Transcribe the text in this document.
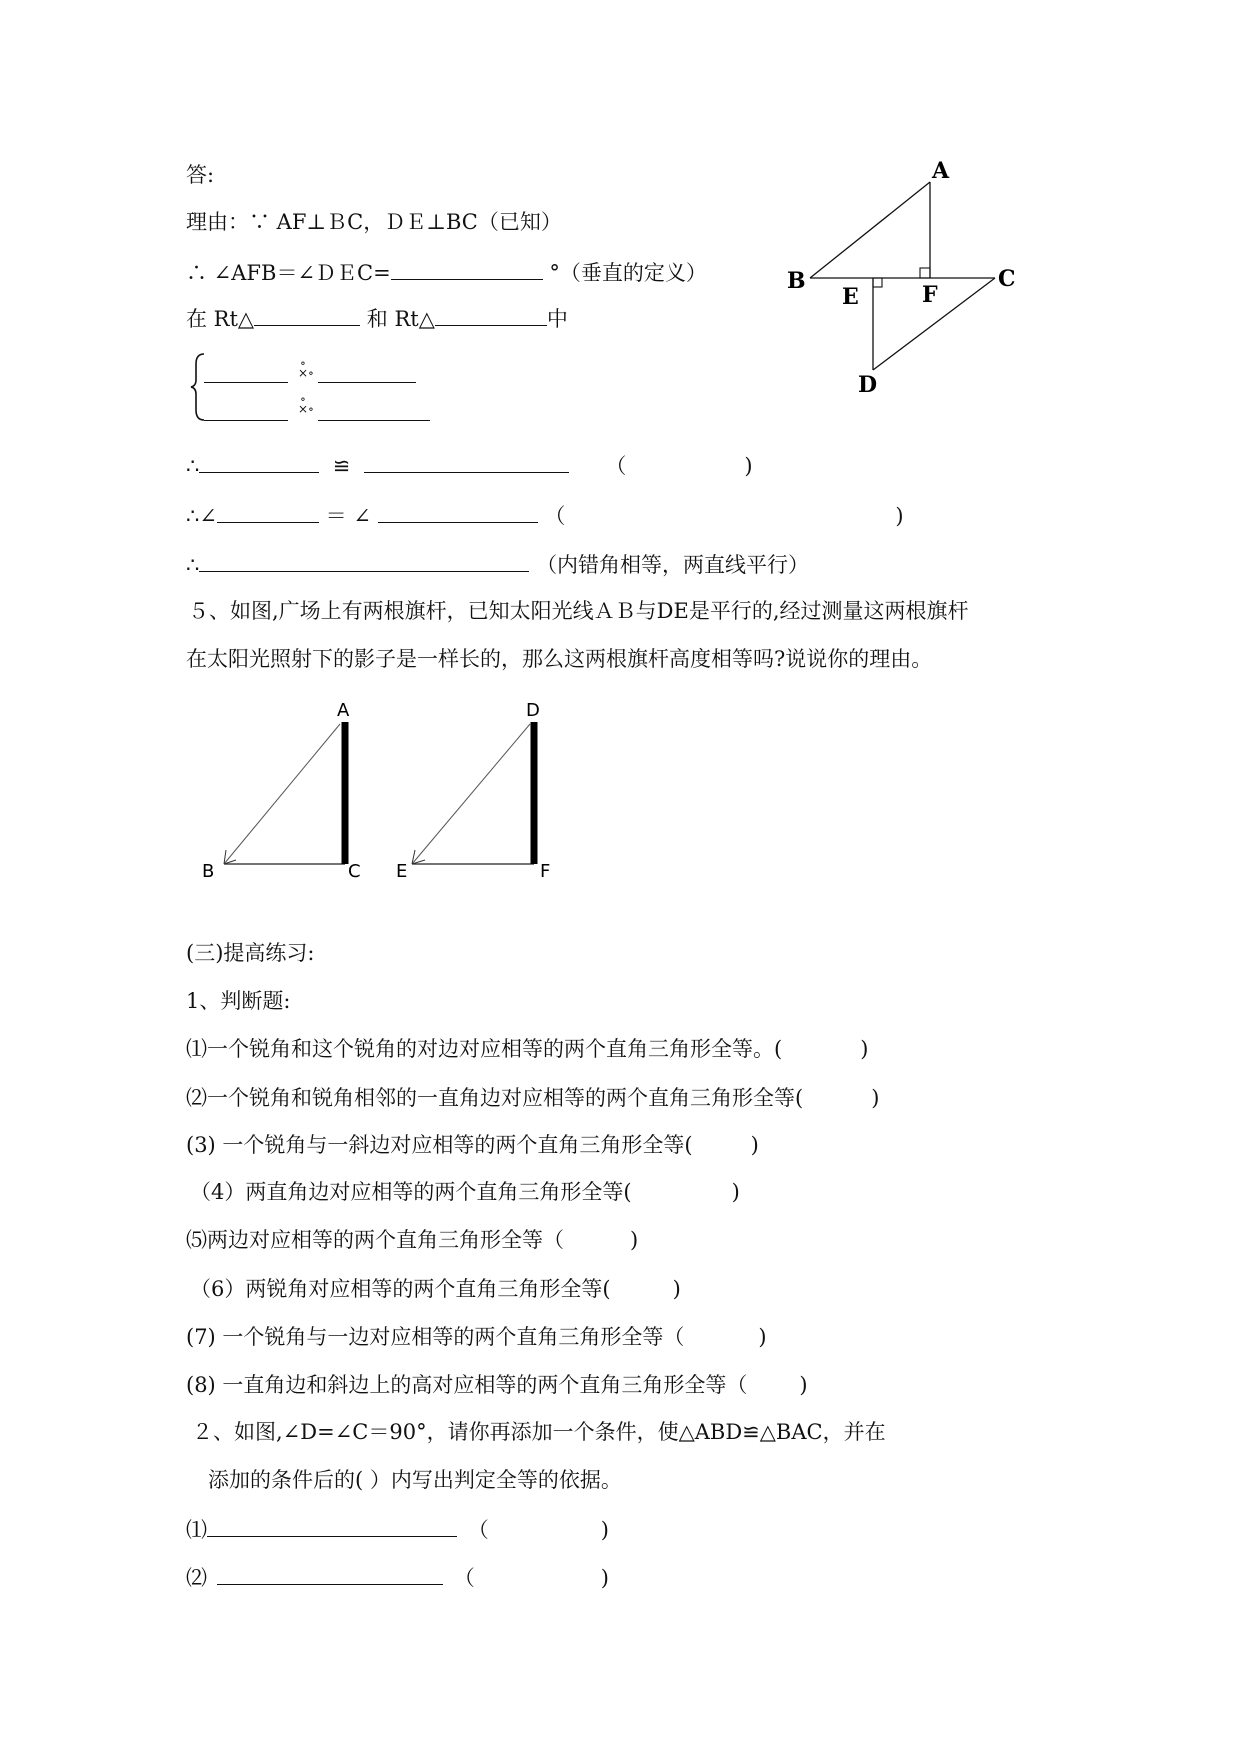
答:
理由：∵ AF⊥ＢC，ＤＥ⊥BC（已知）
∴ ∠AFB＝∠ＤＥC=	°（垂直的定义）
在 Rt△	和 Rt△	中
∘

×∘
∘
×∘
∴	≌	（	)
∴∠	＝ ∠	（	)
∴	（内错角相等，两直线平行）
A
B	C
D
E	F
５、如图,广场上有两根旗杆，已知太阳光线ＡＢ与DE是平行的,经过测量这两根旗杆
在太阳光照射下的影子是一样长的，那么这两根旗杆高度相等吗?说说你的理由。
A
B	C
D
E	F
(三)提高练习:
1、判断题:
⑴一个锐角和这个锐角的对边对应相等的两个直角三角形全等。(	)
⑵一个锐角和锐角相邻的一直角边对应相等的两个直角三角形全等(	)
(3) 一个锐角与一斜边对应相等的两个直角三角形全等(	)
（4）两直角边对应相等的两个直角三角形全等(	)
⑸两边对应相等的两个直角三角形全等（	)
（6）两锐角对应相等的两个直角三角形全等(	)
(7) 一个锐角与一边对应相等的两个直角三角形全等（	)
(8) 一直角边和斜边上的高对应相等的两个直角三角形全等（ )
２、如图,∠D=∠C＝90°，请你再添加一个条件，使△ABD≌△BAC，并在
添加的条件后的( ）内写出判定全等的依据。
⑴	（	)
⑵	（	)
